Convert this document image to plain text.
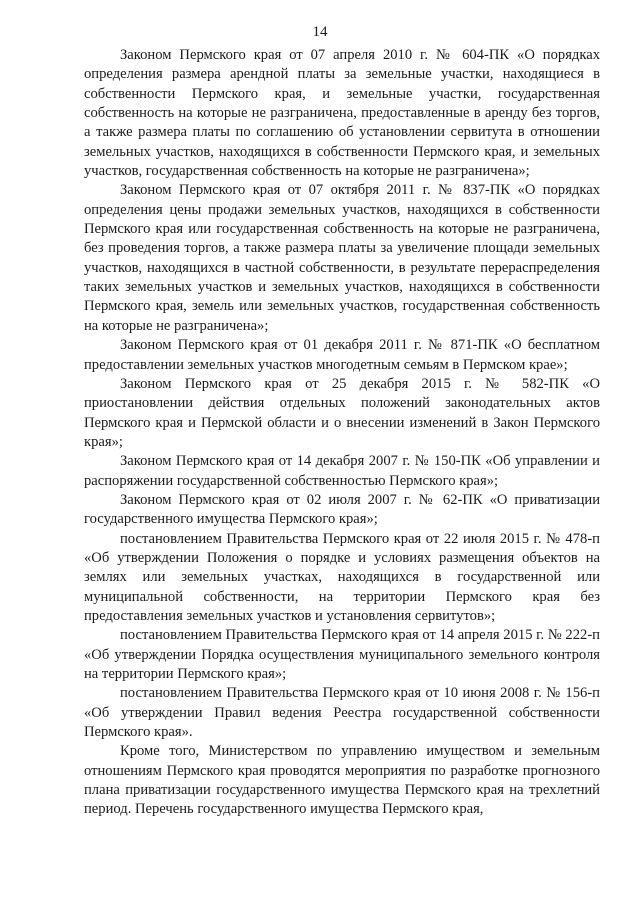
14

Законом Пермского края от 07 апреля 2010 г. № 604-ПК «О порядках определения размера арендной платы за земельные участки, находящиеся в собственности Пермского края, и земельные участки, государственная собственность на которые не разграничена, предоставленные в аренду без торгов, а также размера платы по соглашению об установлении сервитута в отношении земельных участков, находящихся в собственности Пермского края, и земельных участков, государственная собственность на которые не разграничена»;

Законом Пермского края от 07 октября 2011 г. № 837-ПК «О порядках определения цены продажи земельных участков, находящихся в собственности Пермского края или государственная собственность на которые не разграничена, без проведения торгов, а также размера платы за увеличение площади земельных участков, находящихся в частной собственности, в результате перераспределения таких земельных участков и земельных участков, находящихся в собственности Пермского края, земель или земельных участков, государственная собственность на которые не разграничена»;

Законом Пермского края от 01 декабря 2011 г. № 871-ПК «О бесплатном предоставлении земельных участков многодетным семьям в Пермском крае»;

Законом Пермского края от 25 декабря 2015 г. № 582-ПК «О приостановлении действия отдельных положений законодательных актов Пермского края и Пермской области и о внесении изменений в Закон Пермского края»;

Законом Пермского края от 14 декабря 2007 г. № 150-ПК «Об управлении и распоряжении государственной собственностью Пермского края»;

Законом Пермского края от 02 июля 2007 г. № 62-ПК «О приватизации государственного имущества Пермского края»;

постановлением Правительства Пермского края от 22 июля 2015 г. № 478-п «Об утверждении Положения о порядке и условиях размещения объектов на землях или земельных участках, находящихся в государственной или муниципальной собственности, на территории Пермского края без предоставления земельных участков и установления сервитутов»;

постановлением Правительства Пермского края от 14 апреля 2015 г. № 222-п «Об утверждении Порядка осуществления муниципального земельного контроля на территории Пермского края»;

постановлением Правительства Пермского края от 10 июня 2008 г. № 156-п «Об утверждении Правил ведения Реестра государственной собственности Пермского края».

Кроме того, Министерством по управлению имуществом и земельным отношениям Пермского края проводятся мероприятия по разработке прогнозного плана приватизации государственного имущества Пермского края на трехлетний период. Перечень государственного имущества Пермского края,
